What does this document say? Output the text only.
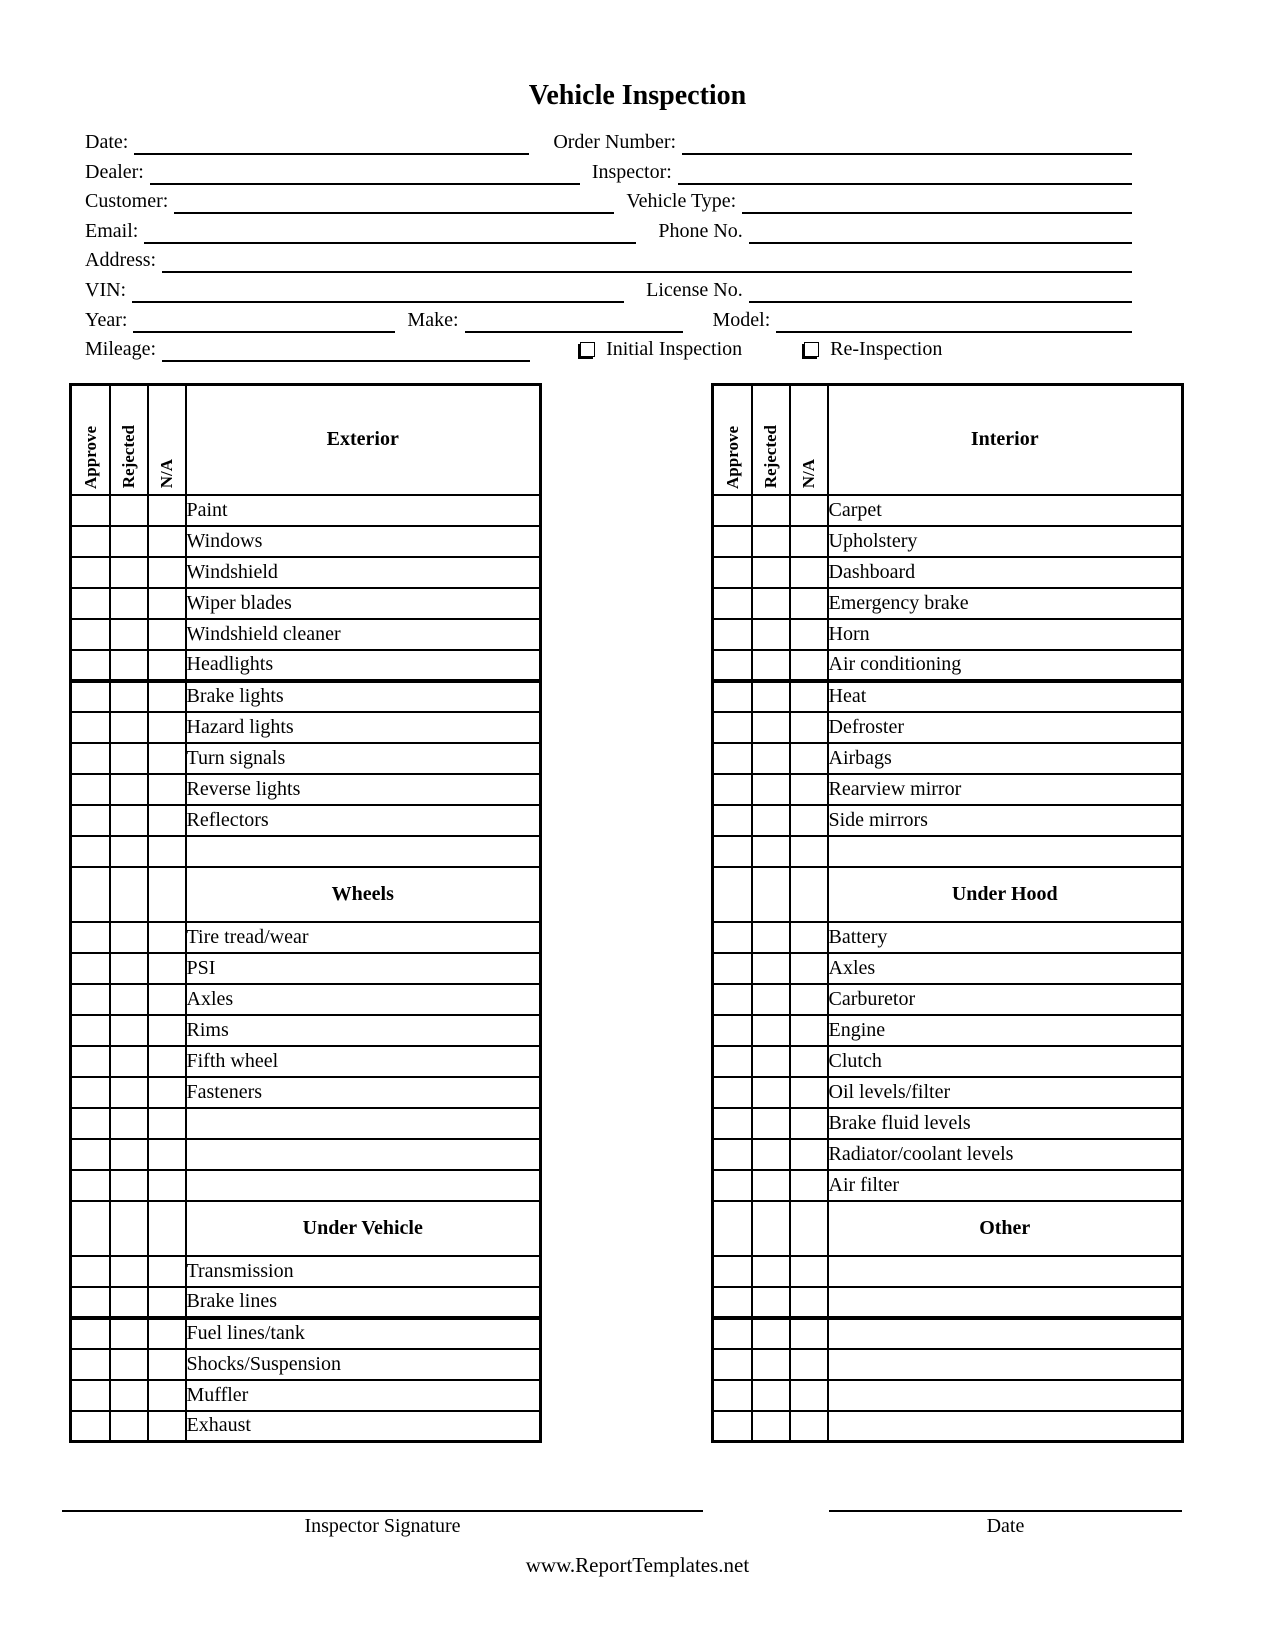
Vehicle Inspection
Date:	Order Number:
Dealer:	Inspector:
Customer:	Vehicle Type:
Email:	Phone No.
Address:
VIN:	License No.
Year:	Make:	Model:
Mileage:	Initial Inspection	Re-Inspection
Approve	Rejected	N/A	Exterior
			Paint
			Windows
			Windshield
			Wiper blades
			Windshield cleaner
			Headlights
			Brake lights
			Hazard lights
			Turn signals
			Reverse lights
			Reflectors

			Wheels
			Tire tread/wear
			PSI
			Axles
			Rims
			Fifth wheel
			Fasteners

			Under Vehicle
			Transmission
			Brake lines
			Fuel lines/tank
			Shocks/Suspension
			Muffler
			Exhaust
Approve	Rejected	N/A	Interior
			Carpet
			Upholstery
			Dashboard
			Emergency brake
			Horn
			Air conditioning
			Heat
			Defroster
			Airbags
			Rearview mirror
			Side mirrors

			Under Hood
			Battery
			Axles
			Carburetor
			Engine
			Clutch
			Oil levels/filter
			Brake fluid levels
			Radiator/coolant levels
			Air filter
			Other

Inspector Signature	Date
www.ReportTemplates.net
